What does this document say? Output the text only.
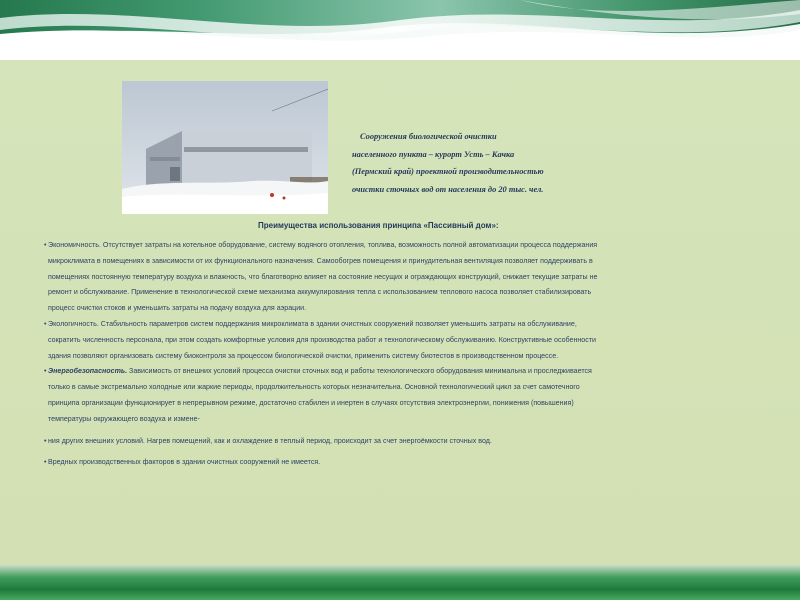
Сооружения биологической очистки
населенного пункта – курорт Усть – Качка
(Пермский край) проектной производительностью
очистки сточных вод от населения до 20 тыс. чел.
Преимущества использования принципа «Пассивный дом»:
• Экономичность. Отсутствует затраты на котельное оборудование, систему водяного отопления, топлива, возможность полной автоматизации процесса поддержания
микроклимата в помещениях в зависимости от их функционального назначения. Самообогрев помещения и принудительная вентиляция позволяет поддерживать в
помещениях постоянную температуру воздуха и влажность, что благотворно влияет на состояние несущих и ограждающих конструкций, снижает текущие затраты не
ремонт и обслуживание. Применение в технологической схеме механизма аккумулирования тепла с использованием теплового насоса позволяет стабилизировать
процесс очистки стоков и уменьшить затраты на подачу воздуха для аэрации.
• Экологичность. Стабильность параметров систем поддержания микроклимата в здании очистных сооружений позволяет уменьшить затраты на обслуживание,
сократить численность персонала, при этом создать комфортные условия для производства работ и технологическому обслуживанию. Конструктивные особенности
здания позволяют организовать систему биоконтроля за процессом биологической очистки, применить систему биотестов в производственном процессе.
• Энергобезопасность. Зависимость от внешних условий процесса очистки сточных вод и работы технологического оборудования минимальна и проследживается
только в самые экстремально холодные или жаркие периоды, продолжительность которых незначительна. Основной технологический цикл за счет самотечного
принципа организации функционирует в непрерывном режиме, достаточно стабилен и инертен в случаях отсутствия электроэнергии, понижения (повышения)
температуры окружающего воздуха и измене-
• ния других внешних условий. Нагрев помещений, как и охлаждение в теплый период, происходит за счет энергоёмкости сточных вод.
• Вредных производственных факторов в здании очистных сооружений не имеется.
